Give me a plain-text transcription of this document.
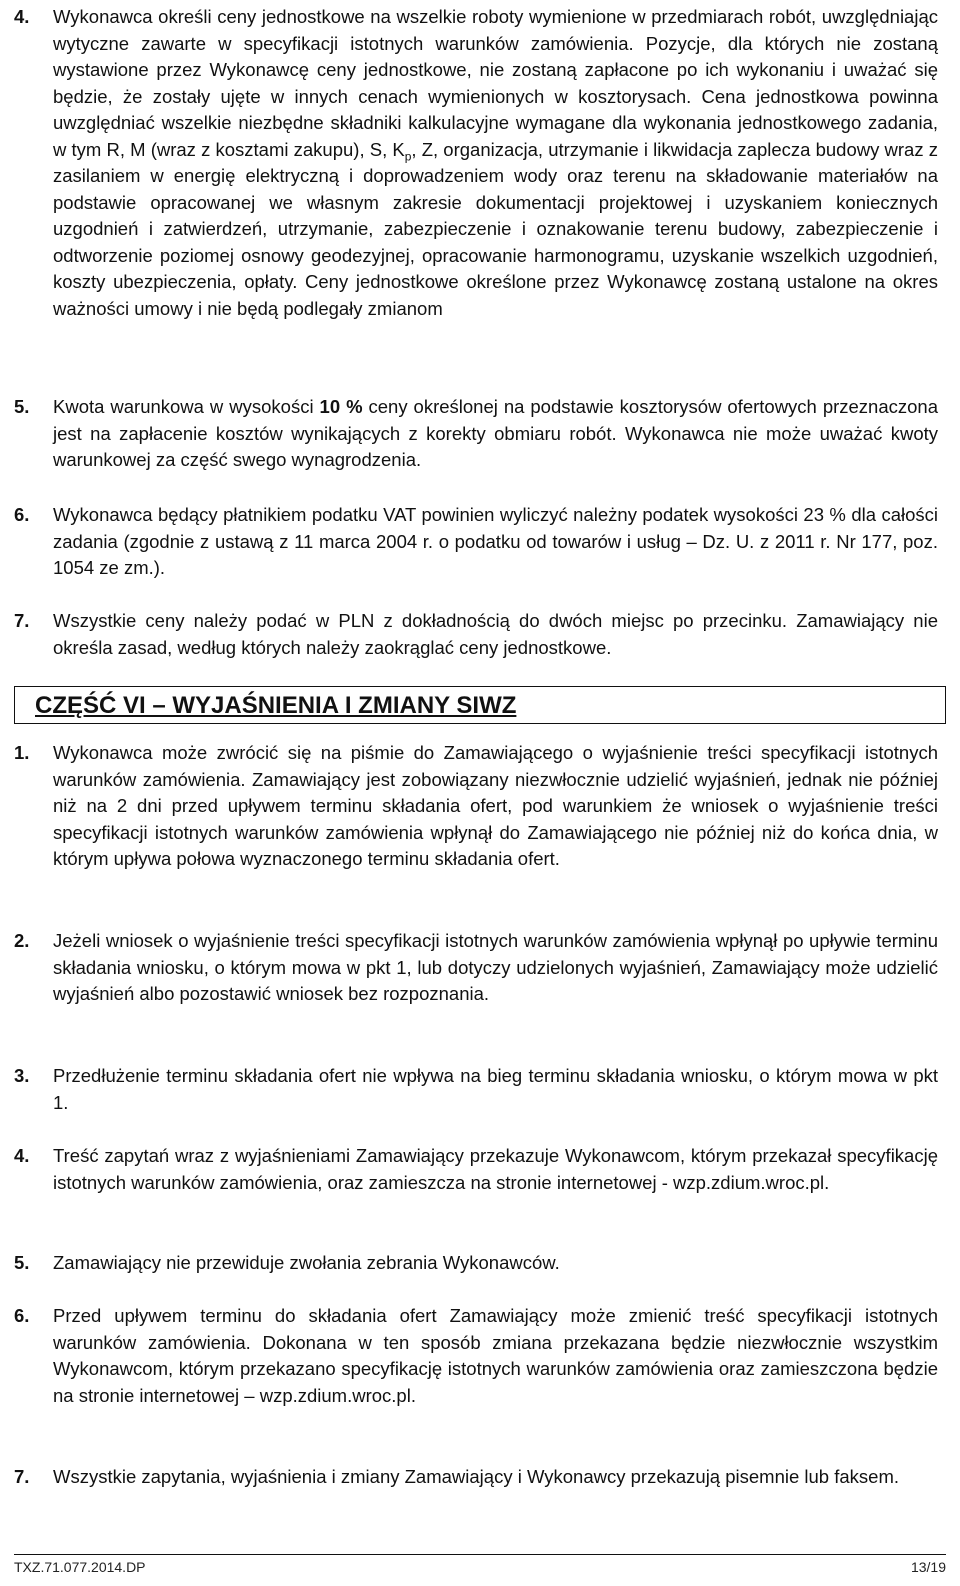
4.	Wykonawca określi ceny jednostkowe na wszelkie roboty wymienione w przedmiarach robót, uwzględniając wytyczne zawarte w specyfikacji istotnych warunków zamówienia. Pozycje, dla których nie zostaną wystawione przez Wykonawcę ceny jednostkowe, nie zostaną zapłacone po ich wykonaniu i uważać się będzie, że zostały ujęte w innych cenach wymienionych w kosztorysach. Cena jednostkowa powinna uwzględniać wszelkie niezbędne składniki kalkulacyjne wymagane dla wykonania jednostkowego zadania, w tym R, M (wraz z kosztami zakupu), S, $K_p$, Z, organizacja, utrzymanie i likwidacja zaplecza budowy wraz z zasilaniem w energię elektryczną i doprowadzeniem wody oraz terenu na składowanie materiałów na podstawie opracowanej we własnym zakresie dokumentacji projektowej i uzyskaniem koniecznych uzgodnień i zatwierdzeń, utrzymanie, zabezpieczenie i oznakowanie terenu budowy, zabezpieczenie i odtworzenie poziomej osnowy geodezyjnej, opracowanie harmonogramu, uzyskanie wszelkich uzgodnień, koszty ubezpieczenia, opłaty. Ceny jednostkowe określone przez Wykonawcę zostaną ustalone na okres ważności umowy i nie będą podlegały zmianom
5.	Kwota warunkowa w wysokości 10 % ceny określonej na podstawie kosztorysów ofertowych przeznaczona jest na zapłacenie kosztów wynikających z korekty obmiaru robót. Wykonawca nie może uważać kwoty warunkowej za część swego wynagrodzenia.
6.	Wykonawca będący płatnikiem podatku VAT powinien wyliczyć należny podatek wysokości 23 % dla całości zadania (zgodnie z ustawą z 11 marca 2004 r. o podatku od towarów i usług – Dz. U. z 2011 r. Nr 177, poz. 1054 ze zm.).
7.	Wszystkie ceny należy podać w PLN z dokładnością do dwóch miejsc po przecinku. Zamawiający nie określa zasad, według których należy zaokrąglać ceny jednostkowe.
CZĘŚĆ VI – WYJAŚNIENIA I ZMIANY SIWZ
1.	Wykonawca może zwrócić się na piśmie do Zamawiającego o wyjaśnienie treści specyfikacji istotnych warunków zamówienia. Zamawiający jest zobowiązany niezwłocznie udzielić wyjaśnień, jednak nie później niż na 2 dni przed upływem terminu składania ofert, pod warunkiem że wniosek o wyjaśnienie treści specyfikacji istotnych warunków zamówienia wpłynął do Zamawiającego nie później niż do końca dnia, w którym upływa połowa wyznaczonego terminu składania ofert.
2.	Jeżeli wniosek o wyjaśnienie treści specyfikacji istotnych warunków zamówienia wpłynął po upływie terminu składania wniosku, o którym mowa w pkt 1, lub dotyczy udzielonych wyjaśnień, Zamawiający może udzielić wyjaśnień albo pozostawić wniosek bez rozpoznania.
3.	Przedłużenie terminu składania ofert nie wpływa na bieg terminu składania wniosku, o którym mowa w pkt 1.
4.	Treść zapytań wraz z wyjaśnieniami Zamawiający przekazuje Wykonawcom, którym przekazał specyfikację istotnych warunków zamówienia, oraz zamieszcza na stronie internetowej - wzp.zdium.wroc.pl.
5.	Zamawiający nie przewiduje zwołania zebrania Wykonawców.
6.	Przed upływem terminu do składania ofert Zamawiający może zmienić treść specyfikacji istotnych warunków zamówienia. Dokonana w ten sposób zmiana przekazana będzie niezwłocznie wszystkim Wykonawcom, którym przekazano specyfikację istotnych warunków zamówienia oraz zamieszczona będzie na stronie internetowej – wzp.zdium.wroc.pl.
7.	Wszystkie zapytania, wyjaśnienia i zmiany Zamawiający i Wykonawcy przekazują pisemnie lub faksem.
TXZ.71.077.2014.DP	13/19
